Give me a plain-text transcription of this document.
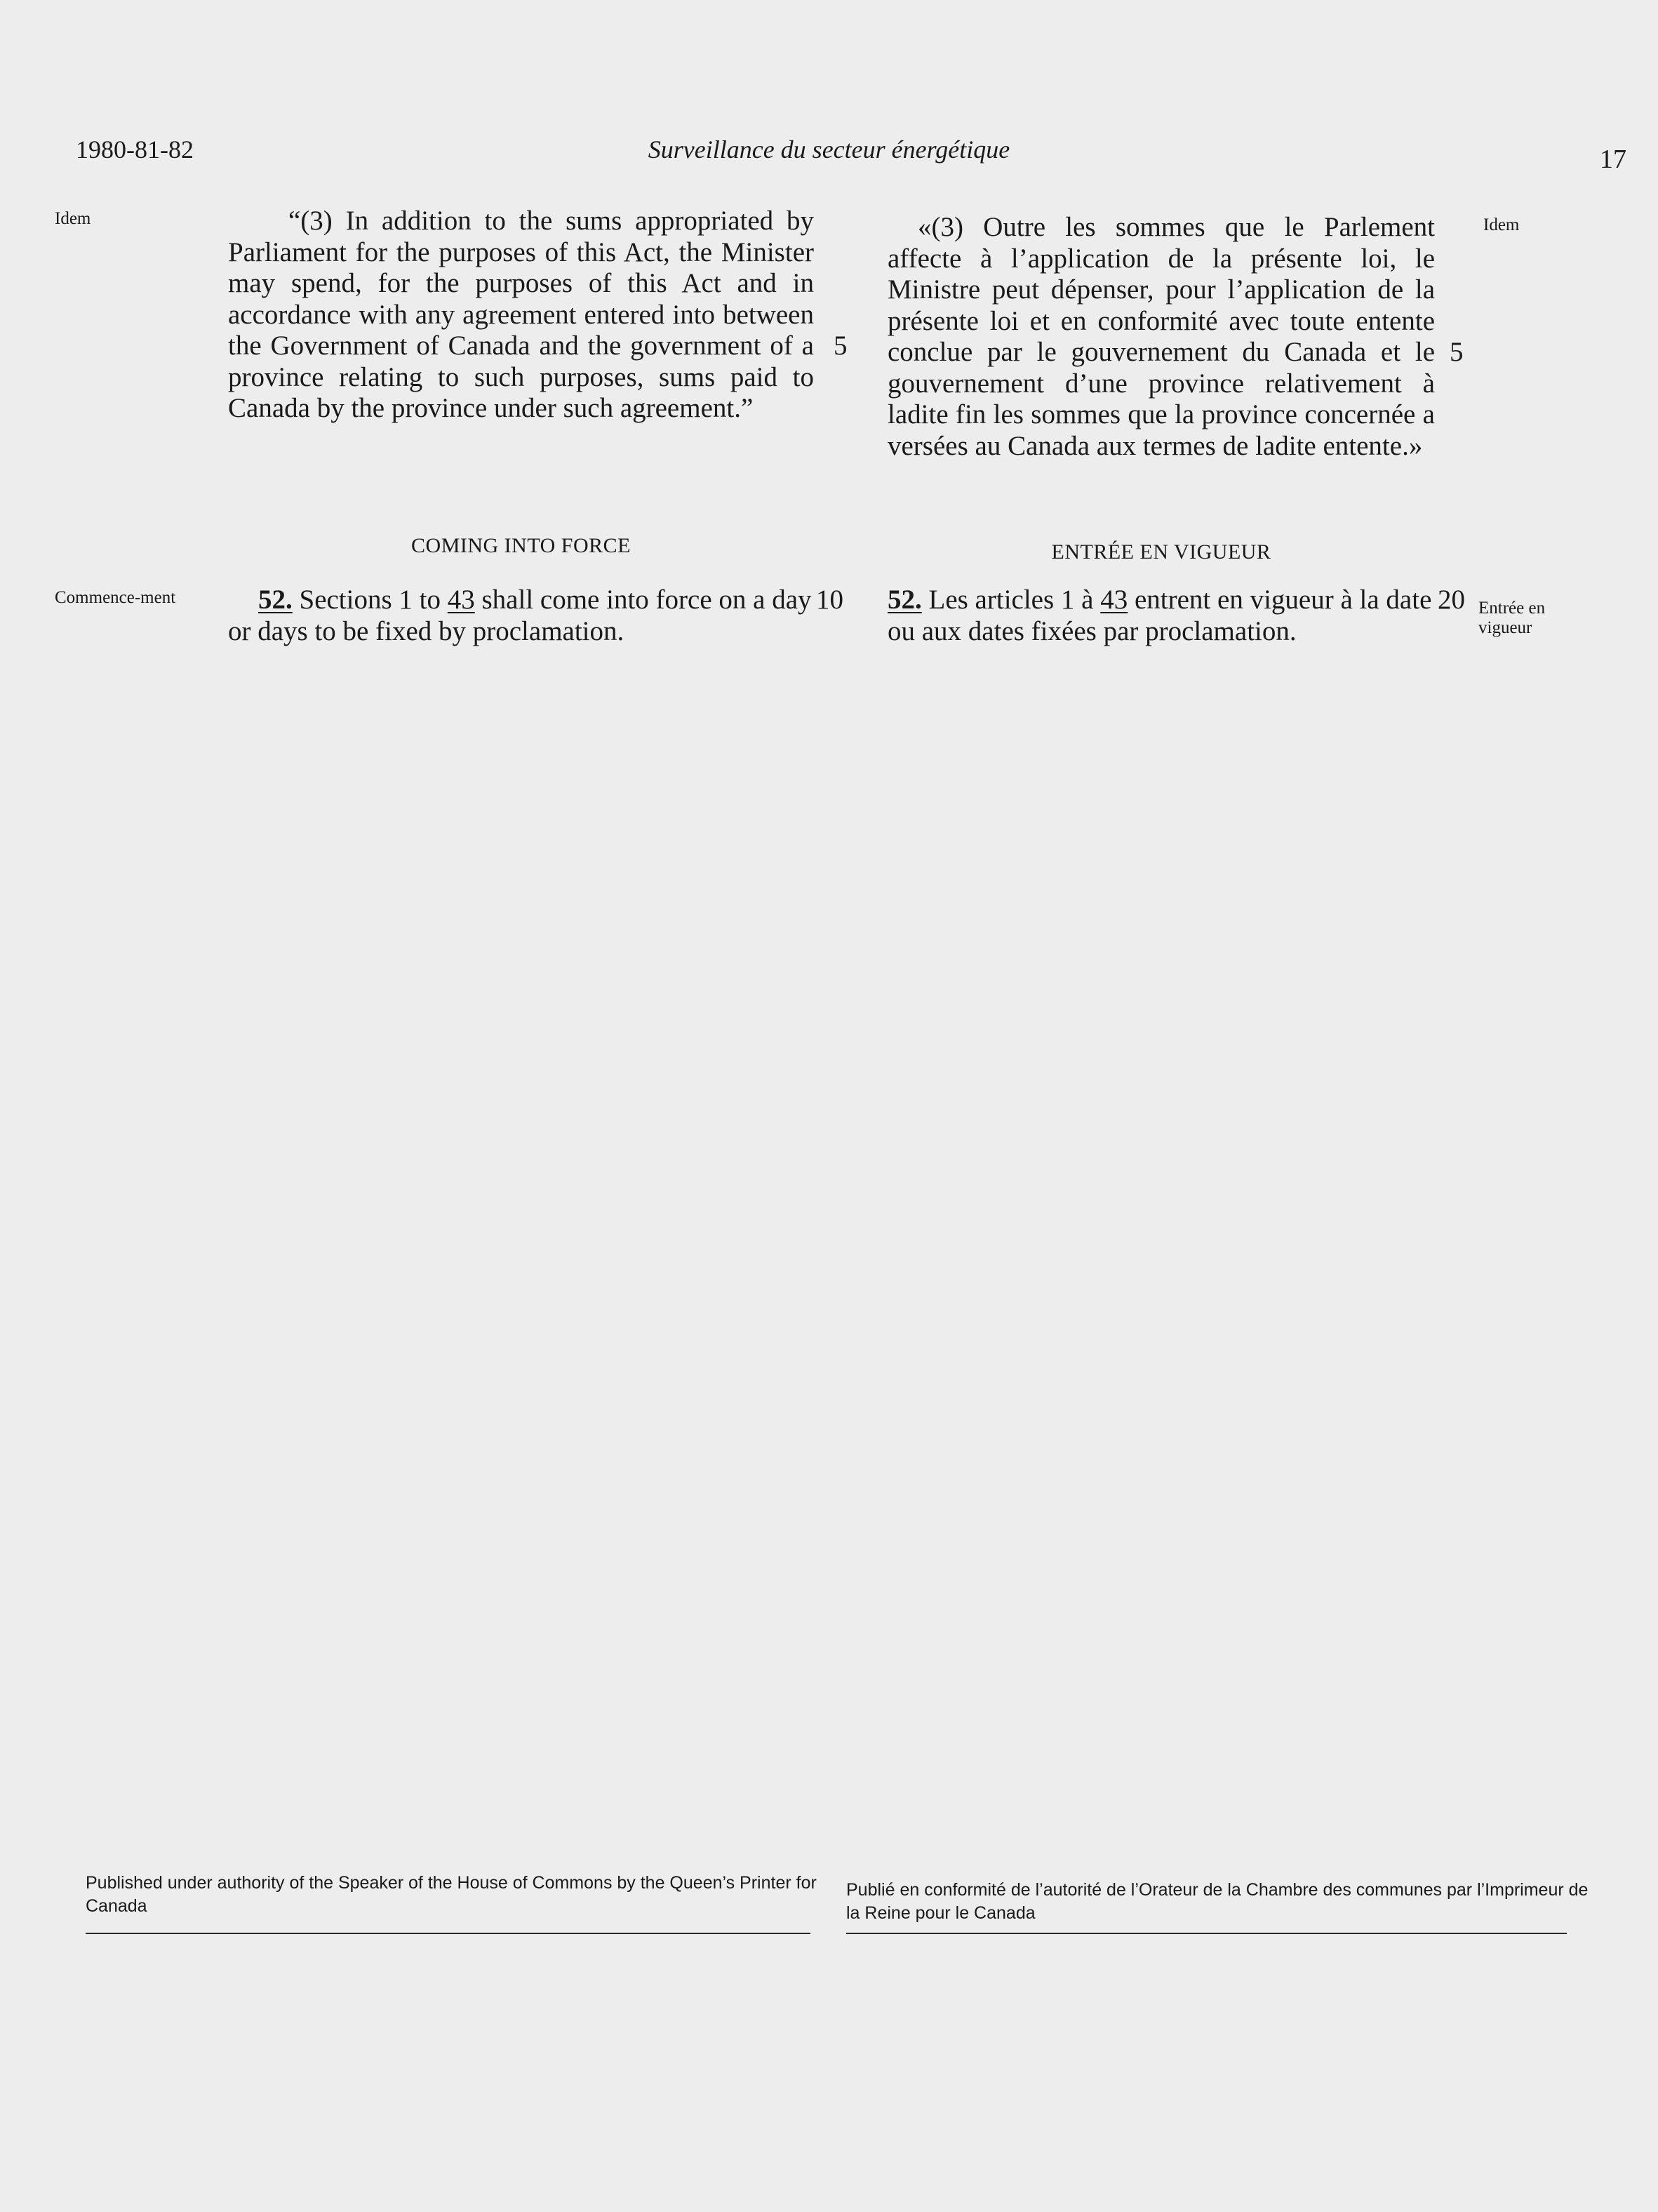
1980-81-82	Surveillance du secteur énergétique	17
Idem	“(3) In addition to the sums appropriated by Parliament for the purposes of this Act, the Minister may spend, for the purposes of this Act and in accordance with any agreement entered into between the Government of Canada and the government of a province relating to such purposes, sums paid to Canada by the province under such agreement.”
5
COMING INTO FORCE
Commence-ment	52. Sections 1 to 43 shall come into force on a day or days to be fixed by proclamation.
10
«(3) Outre les sommes que le Parlement affecte à l’application de la présente loi, le Ministre peut dépenser, pour l’application de la présente loi et en conformité avec toute entente conclue par le gouvernement du Canada et le gouvernement d’une province relativement à ladite fin les sommes que la province concernée a versées au Canada aux termes de ladite entente.»
Idem
5
ENTRÉE EN VIGUEUR
52. Les articles 1 à 43 entrent en vigueur à la date ou aux dates fixées par proclamation.
20 Entrée en vigueur
Published under authority of the Speaker of the House of Commons by the Queen’s Printer for Canada
Publié en conformité de l’autorité de l’Orateur de la Chambre des communes par l’Imprimeur de la Reine pour le Canada
